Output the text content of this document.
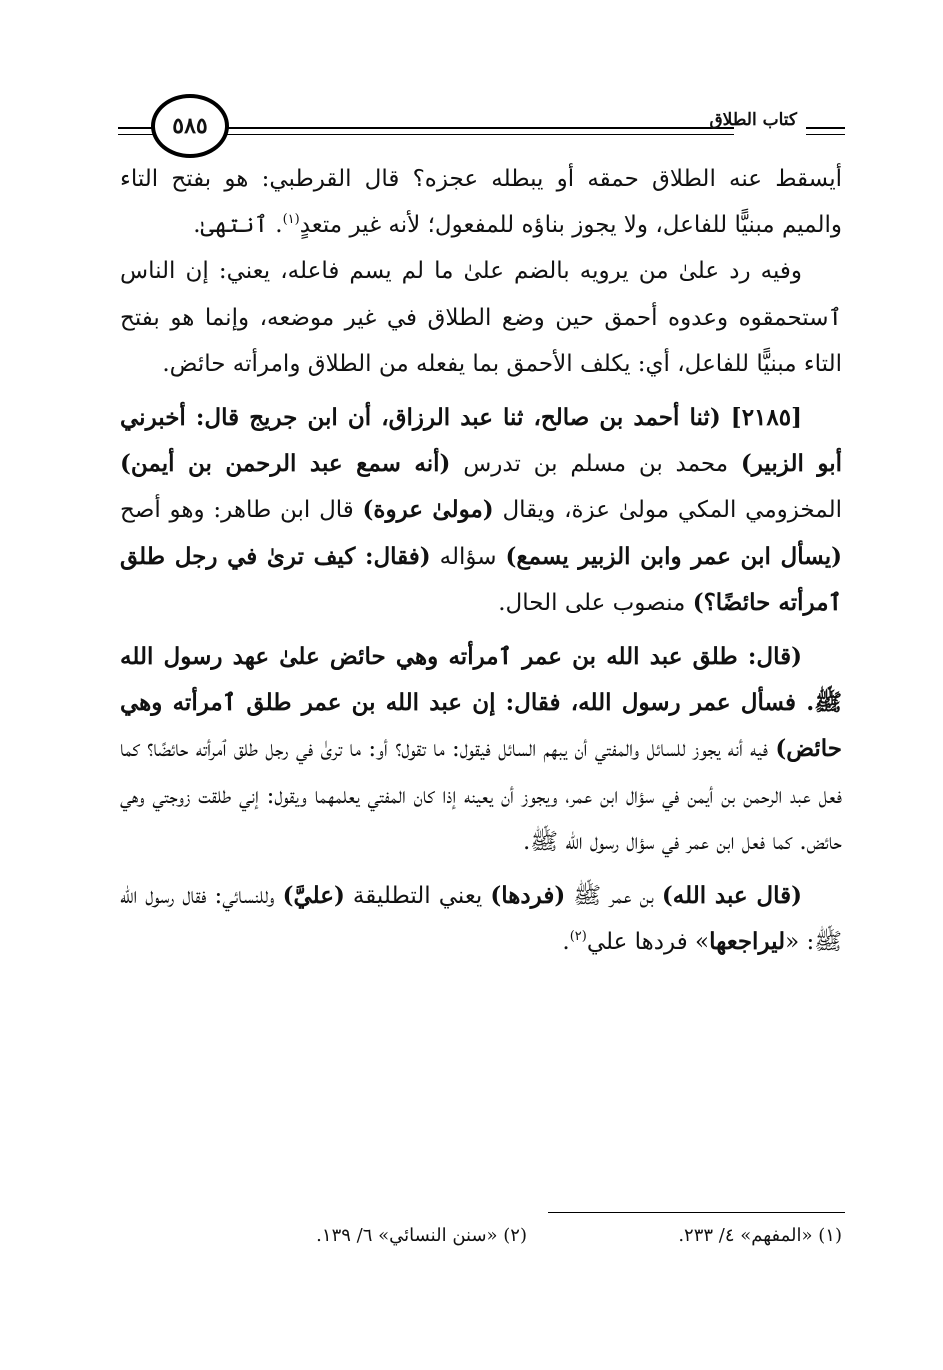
كتاب الطلاق
٥٨٥

أيسقط عنه الطلاق حمقه أو يبطله عجزه؟ قال القرطبي: هو بفتح التاء والميم مبنيًّا للفاعل، ولا يجوز بناؤه للمفعول؛ لأنه غير متعدٍ$^{(١)}$. ٱنتهىٰ.

وفيه رد علىٰ من يرويه بالضم علىٰ ما لم يسم فاعله، يعني: إن الناس ٱستحمقوه وعدوه أحمق حين وضع الطلاق في غير موضعه، وإنما هو بفتح التاء مبنيًّا للفاعل، أي: يكلف الأحمق بما يفعله من الطلاق وامرأته حائض.

[٢١٨٥] (ثنا أحمد بن صالح، ثنا عبد الرزاق، أن ابن جريج قال: أخبرني أبو الزبير) محمد بن مسلم بن تدرس (أنه سمع عبد الرحمن بن أيمن) المخزومي المكي مولىٰ عزة، ويقال (مولىٰ عروة) قال ابن طاهر: وهو أصح (يسأل ابن عمر وابن الزبير يسمع) سؤاله (فقال: كيف ترىٰ في رجل طلق ٱمرأته حائضًا؟) منصوب على الحال.

(قال: طلق عبد الله بن عمر ٱمرأته وهي حائض علىٰ عهد رسول الله ﷺ. فسأل عمر رسول الله، فقال: إن عبد الله بن عمر طلق ٱمرأته وهي حائض) فيه أنه يجوز للسائل والمفتي أن يبهم السائل فيقول: ما تقول؟ أو: ما ترىٰ في رجل طلق ٱمرأته حائضًا؟ كما فعل عبد الرحمن بن أيمن في سؤال ابن عمر، ويجوز أن يعينه إذا كان المفتي يعلمهما ويقول: إني طلقت زوجتي وهي حائض. كما فعل ابن عمر في سؤال رسول الله ﷺ.

(قال عبد الله) بن عمر ﷺ (فردها) يعني التطليقة (عليَّ) وللنسائي: فقال رسول الله ﷺ: «ليراجعها» فردها علي$^{(٢)}$.

(١) «المفهم» ٤/ ٢٣٣.
(٢) «سنن النسائي» ٦/ ١٣٩.
